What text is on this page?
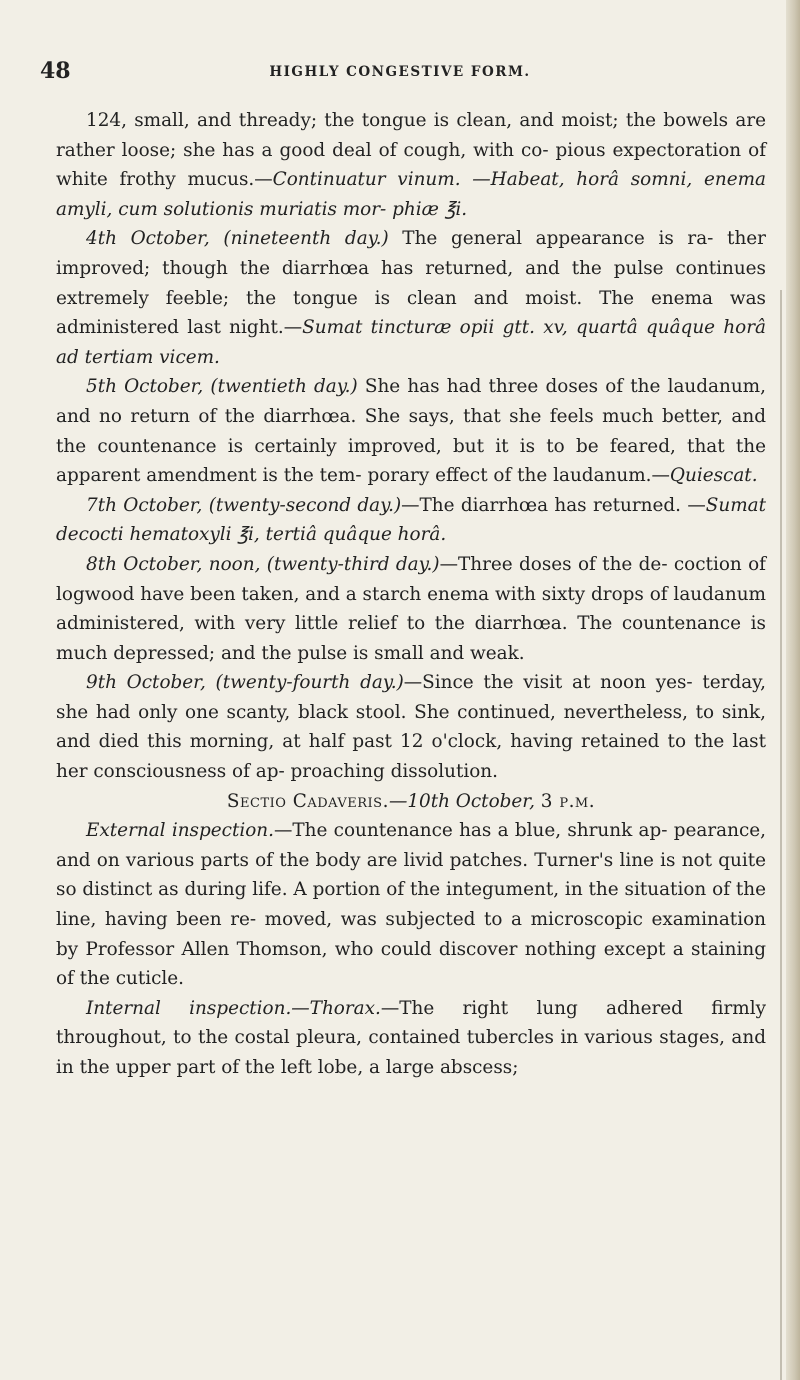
48	HIGHLY CONGESTIVE FORM.

124, small, and thready; the tongue is clean, and moist; the bowels are rather loose; she has a good deal of cough, with co- pious expectoration of white frothy mucus.—Continuatur vinum. —Habeat, horâ somni, enema amyli, cum solutionis muriatis mor- phiæ ℥i.

4th October, (nineteenth day.) The general appearance is ra- ther improved; though the diarrhœa has returned, and the pulse continues extremely feeble; the tongue is clean and moist. The enema was administered last night.—Sumat tincturæ opii gtt. xv, quartâ quâque horâ ad tertiam vicem.

5th October, (twentieth day.) She has had three doses of the laudanum, and no return of the diarrhœa. She says, that she feels much better, and the countenance is certainly improved, but it is to be feared, that the apparent amendment is the tem- porary effect of the laudanum.—Quiescat.

7th October, (twenty-second day.)—The diarrhœa has returned. —Sumat decocti hematoxyli ℥i, tertiâ quâque horâ.

8th October, noon, (twenty-third day.)—Three doses of the de- coction of logwood have been taken, and a starch enema with sixty drops of laudanum administered, with very little relief to the diarrhœa. The countenance is much depressed; and the pulse is small and weak.

9th October, (twenty-fourth day.)—Since the visit at noon yes- terday, she had only one scanty, black stool. She continued, nevertheless, to sink, and died this morning, at half past 12 o'clock, having retained to the last her consciousness of ap- proaching dissolution.

Sectio Cadaveris.—10th October, 3 p.m.

External inspection.—The countenance has a blue, shrunk ap- pearance, and on various parts of the body are livid patches. Turner's line is not quite so distinct as during life. A portion of the integument, in the situation of the line, having been re- moved, was subjected to a microscopic examination by Professor Allen Thomson, who could discover nothing except a staining of the cuticle.

Internal inspection.—Thorax.—The right lung adhered firmly throughout, to the costal pleura, contained tubercles in various stages, and in the upper part of the left lobe, a large abscess;
